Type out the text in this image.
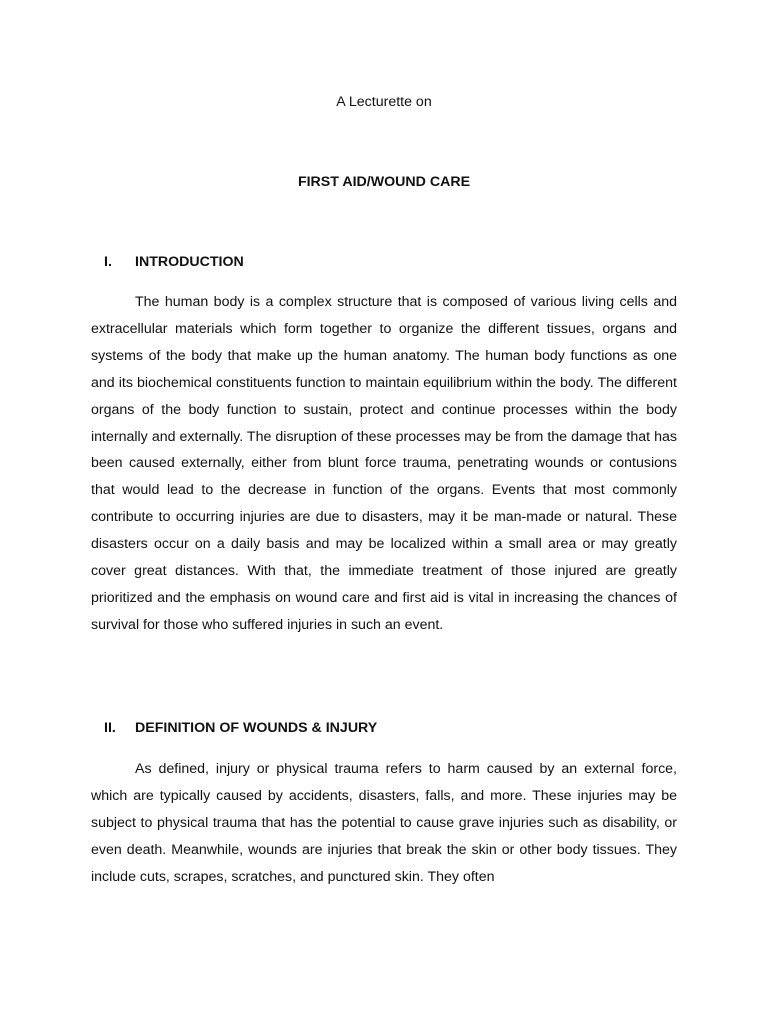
A Lecturette on
FIRST AID/WOUND CARE
I. INTRODUCTION

The human body is a complex structure that is composed of various living cells and extracellular materials which form together to organize the different tissues, organs and systems of the body that make up the human anatomy. The human body functions as one and its biochemical constituents function to maintain equilibrium within the body. The different organs of the body function to sustain, protect and continue processes within the body internally and externally. The disruption of these processes may be from the damage that has been caused externally, either from blunt force trauma, penetrating wounds or contusions that would lead to the decrease in function of the organs. Events that most commonly contribute to occurring injuries are due to disasters, may it be man-made or natural. These disasters occur on a daily basis and may be localized within a small area or may greatly cover great distances. With that, the immediate treatment of those injured are greatly prioritized and the emphasis on wound care and first aid is vital in increasing the chances of survival for those who suffered injuries in such an event.

II. DEFINITION OF WOUNDS & INJURY

As defined, injury or physical trauma refers to harm caused by an external force, which are typically caused by accidents, disasters, falls, and more. These injuries may be subject to physical trauma that has the potential to cause grave injuries such as disability, or even death. Meanwhile, wounds are injuries that break the skin or other body tissues. They include cuts, scrapes, scratches, and punctured skin. They often
